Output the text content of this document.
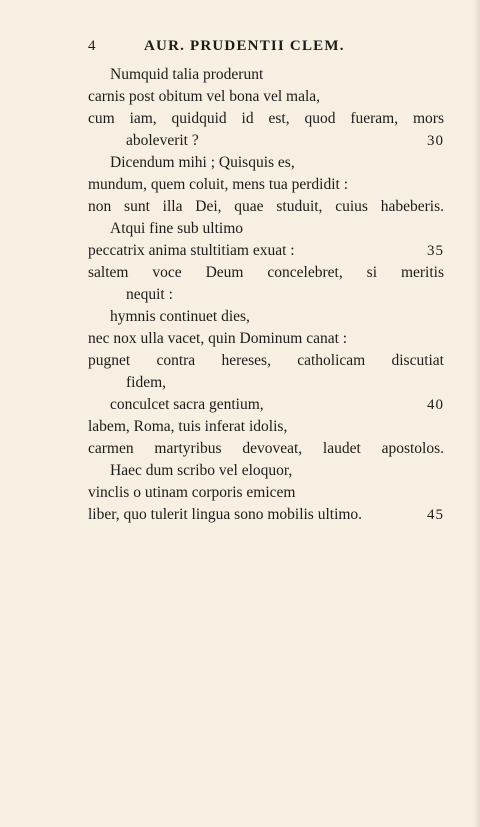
4	AUR. PRUDENTII CLEM.
Numquid talia proderunt
carnis post obitum vel bona vel mala,
cum iam, quidquid id est, quod fueram, mors
aboleverit ?	30
Dicendum mihi ; Quisquis es,
mundum, quem coluit, mens tua perdidit :
non sunt illa Dei, quae studuit, cuius habeberis.
Atqui fine sub ultimo
peccatrix anima stultitiam exuat :	35
saltem voce Deum concelebret, si meritis
nequit :
hymnis continuet dies,
nec nox ulla vacet, quin Dominum canat :
pugnet contra hereses, catholicam discutiat
fidem,
conculcet sacra gentium,	40
labem, Roma, tuis inferat idolis,
carmen martyribus devoveat, laudet apostolos.
Haec dum scribo vel eloquor,
vinclis o utinam corporis emicem
liber, quo tulerit lingua sono mobilis ultimo.	45
